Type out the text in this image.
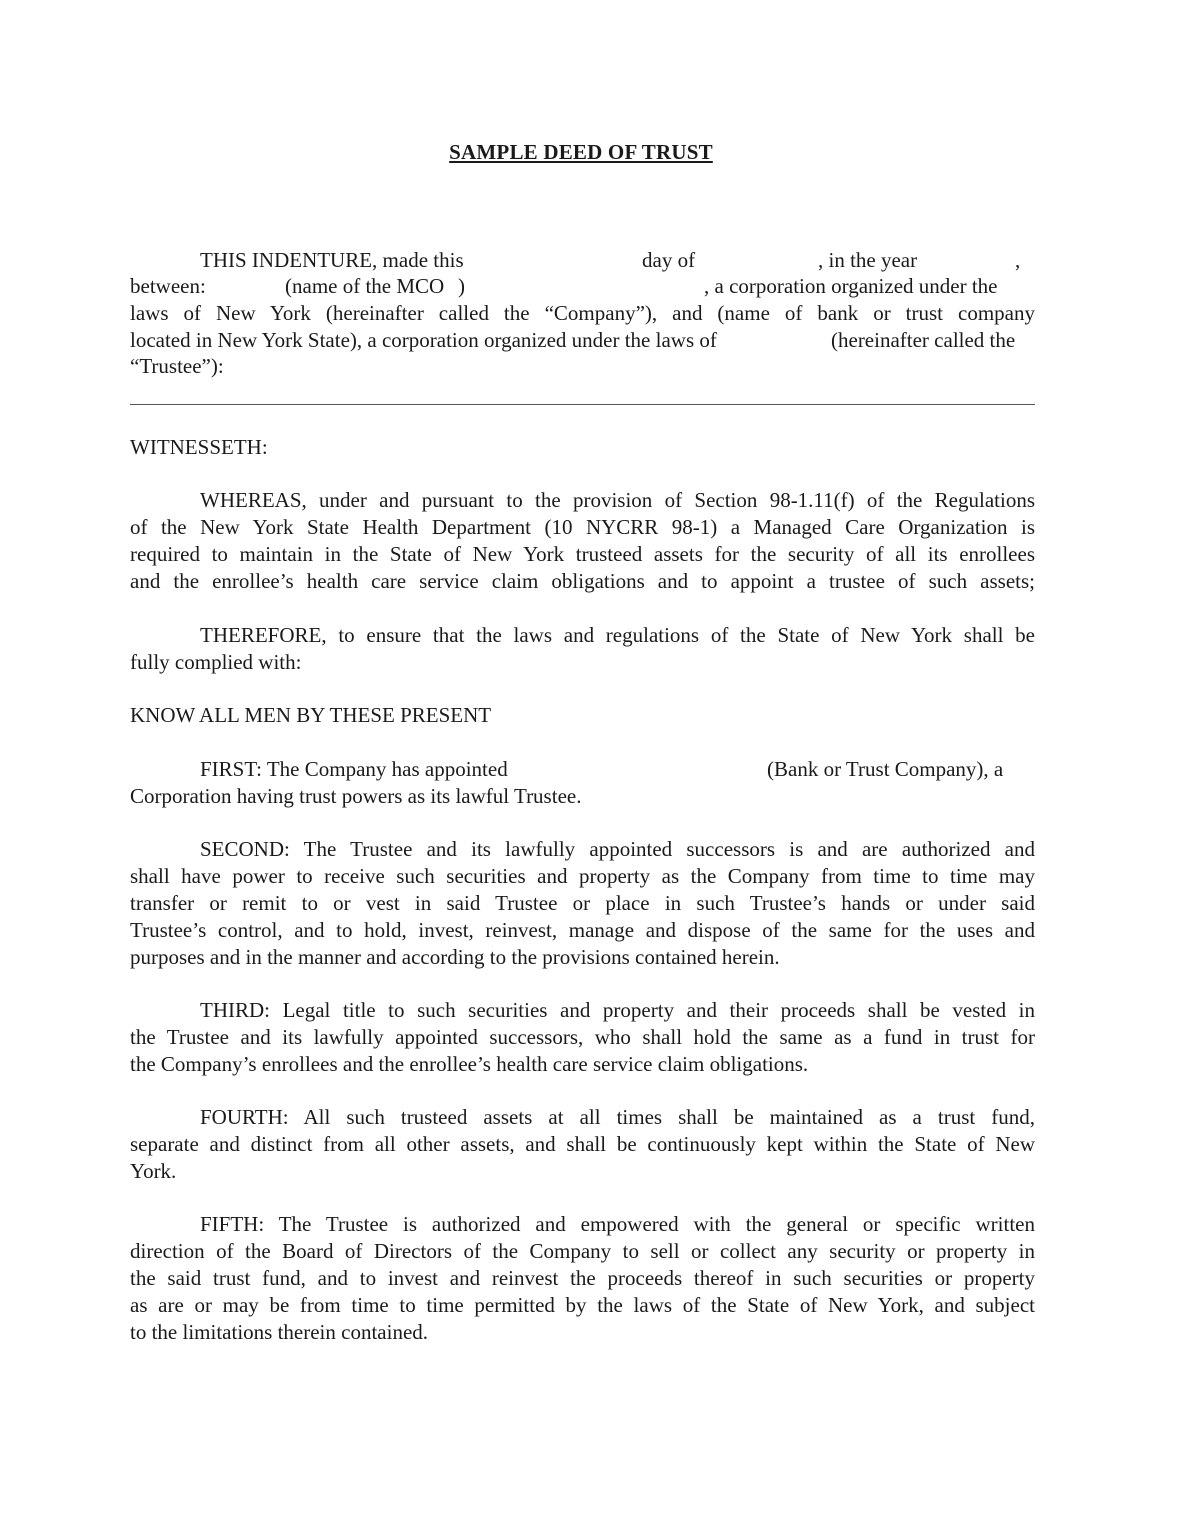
SAMPLE DEED OF TRUST
THIS INDENTURE, made this	day of	, in the year	,
between:	(name of the MCO )	, a corporation organized under the
laws of New York (hereinafter called the “Company”), and (name of bank or trust company
located in New York State), a corporation organized under the laws of	(hereinafter called the
“Trustee”):
WITNESSETH:
WHEREAS, under and pursuant to the provision of Section 98-1.11(f) of the Regulations
of the New York State Health Department (10 NYCRR 98-1) a Managed Care Organization is
required to maintain in the State of New York trusteed assets for the security of all its enrollees
and the enrollee’s health care service claim obligations and to appoint a trustee of such assets;
THEREFORE, to ensure that the laws and regulations of the State of New York shall be
fully complied with:
KNOW ALL MEN BY THESE PRESENT
FIRST: The Company has appointed	(Bank or Trust Company), a
Corporation having trust powers as its lawful Trustee.
SECOND: The Trustee and its lawfully appointed successors is and are authorized and
shall have power to receive such securities and property as the Company from time to time may
transfer or remit to or vest in said Trustee or place in such Trustee’s hands or under said
Trustee’s control, and to hold, invest, reinvest, manage and dispose of the same for the uses and
purposes and in the manner and according to the provisions contained herein.
THIRD: Legal title to such securities and property and their proceeds shall be vested in
the Trustee and its lawfully appointed successors, who shall hold the same as a fund in trust for
the Company’s enrollees and the enrollee’s health care service claim obligations.
FOURTH: All such trusteed assets at all times shall be maintained as a trust fund,
separate and distinct from all other assets, and shall be continuously kept within the State of New
York.
FIFTH: The Trustee is authorized and empowered with the general or specific written
direction of the Board of Directors of the Company to sell or collect any security or property in
the said trust fund, and to invest and reinvest the proceeds thereof in such securities or property
as are or may be from time to time permitted by the laws of the State of New York, and subject
to the limitations therein contained.
